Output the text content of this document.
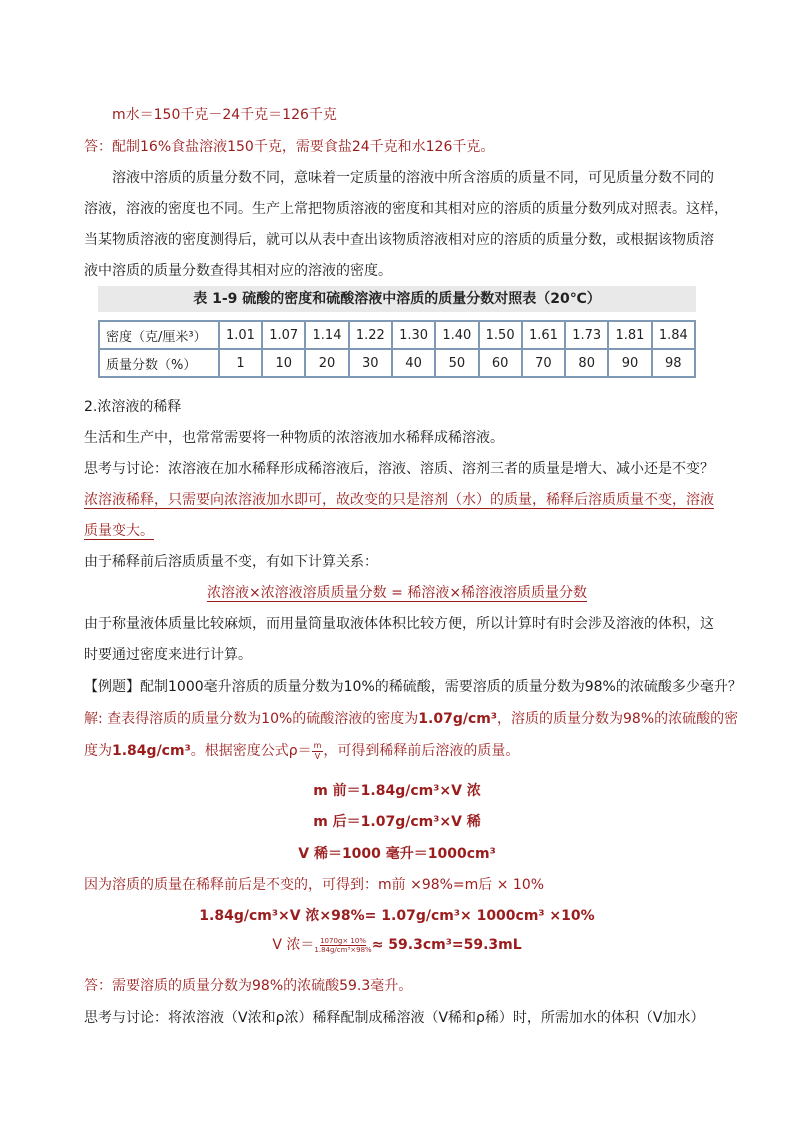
m水＝150千克－24千克＝126千克
答：配制16%食盐溶液150千克，需要食盐24千克和水126千克。
溶液中溶质的质量分数不同，意味着一定质量的溶液中所含溶质的质量不同，可见质量分数不同的
溶液，溶液的密度也不同。生产上常把物质溶液的密度和其相对应的溶质的质量分数列成对照表。这样，
当某物质溶液的密度测得后，就可以从表中查出该物质溶液相对应的溶质的质量分数，或根据该物质溶
液中溶质的质量分数查得其相对应的溶液的密度。
表 1-9 硫酸的密度和硫酸溶液中溶质的质量分数对照表（20℃）
密度（克/厘米³）	1.01	1.07	1.14	1.22	1.30	1.40	1.50	1.61	1.73	1.81	1.84
质量分数（%）	1	10	20	30	40	50	60	70	80	90	98
2.浓溶液的稀释
生活和生产中，也常常需要将一种物质的浓溶液加水稀释成稀溶液。
思考与讨论：浓溶液在加水稀释形成稀溶液后，溶液、溶质、溶剂三者的质量是增大、减小还是不变？
浓溶液稀释，只需要向浓溶液加水即可，故改变的只是溶剂（水）的质量，稀释后溶质质量不变，溶液
质量变大。
由于稀释前后溶质质量不变，有如下计算关系：
浓溶液×浓溶液溶质质量分数 = 稀溶液×稀溶液溶质质量分数
由于称量液体质量比较麻烦，而用量筒量取液体体积比较方便，所以计算时有时会涉及溶液的体积，这
时要通过密度来进行计算。
【例题】配制1000毫升溶质的质量分数为10%的稀硫酸，需要溶质的质量分数为98%的浓硫酸多少毫升？
解: 查表得溶质的质量分数为10%的硫酸溶液的密度为1.07g/cm³，溶质的质量分数为98%的浓硫酸的密
度为1.84g/cm³。根据密度公式$\rho= \frac{m}{V}$ ，可得到稀释前后溶液的质量。
m 前＝1.84g/cm³×V 浓
m 后＝1.07g/cm³×V 稀
V 稀＝1000 毫升＝1000cm³
因为溶质的质量在稀释前后是不变的，可得到：m前 ×98%=m后 × 10%
1.84g/cm³×V 浓×98%= 1.07g/cm³× 1000cm³ ×10%
V 浓＝ $\frac{1070g\times 10\%}{\text{1.84g/cm³×98\%}} \approx 59.3cm^3=59.3mL$
答：需要溶质的质量分数为98%的浓硫酸59.3毫升。
思考与讨论：将浓溶液（V浓和ρ浓）稀释配制成稀溶液（V稀和ρ稀）时，所需加水的体积（V加水）
